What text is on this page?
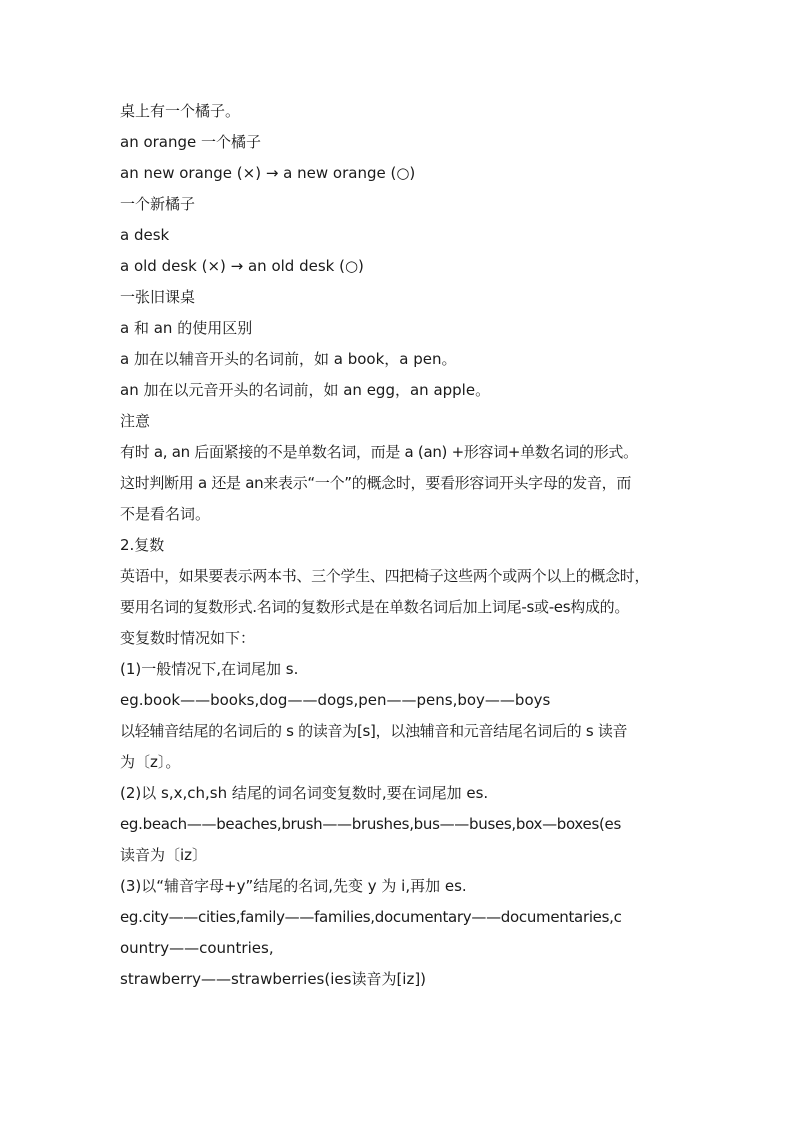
桌上有一个橘子。
an orange 一个橘子
an new orange (×) → a new orange (○)
一个新橘子
a desk
a old desk (×) → an old desk (○)
一张旧课桌
a 和 an 的使用区别
a 加在以辅音开头的名词前，如 a book，a pen。
an 加在以元音开头的名词前，如 an egg，an apple。
注意
有时 a, an 后面紧接的不是单数名词，而是 a (an) +形容词+单数名词的形式。
这时判断用 a 还是 an来表示“一个”的概念时，要看形容词开头字母的发音，而
不是看名词。
2.复数
英语中，如果要表示两本书、三个学生、四把椅子这些两个或两个以上的概念时，
要用名词的复数形式.名词的复数形式是在单数名词后加上词尾-s或-es构成的。
变复数时情况如下：
(1)一般情况下,在词尾加 s.
eg.book——books,dog——dogs,pen——pens,boy——boys
以轻辅音结尾的名词后的 s 的读音为[s]，以浊辅音和元音结尾名词后的 s 读音
为〔z〕。
(2)以 s,x,ch,sh 结尾的词名词变复数时,要在词尾加 es.
eg.beach——beaches,brush——brushes,bus——buses,box—boxes(es
读音为〔iz〕
(3)以“辅音字母+y”结尾的名词,先变 y 为 i,再加 es.
eg.city——cities,family——families,documentary——documentaries,c
ountry——countries,
strawberry——strawberries(ies读音为[iz])
